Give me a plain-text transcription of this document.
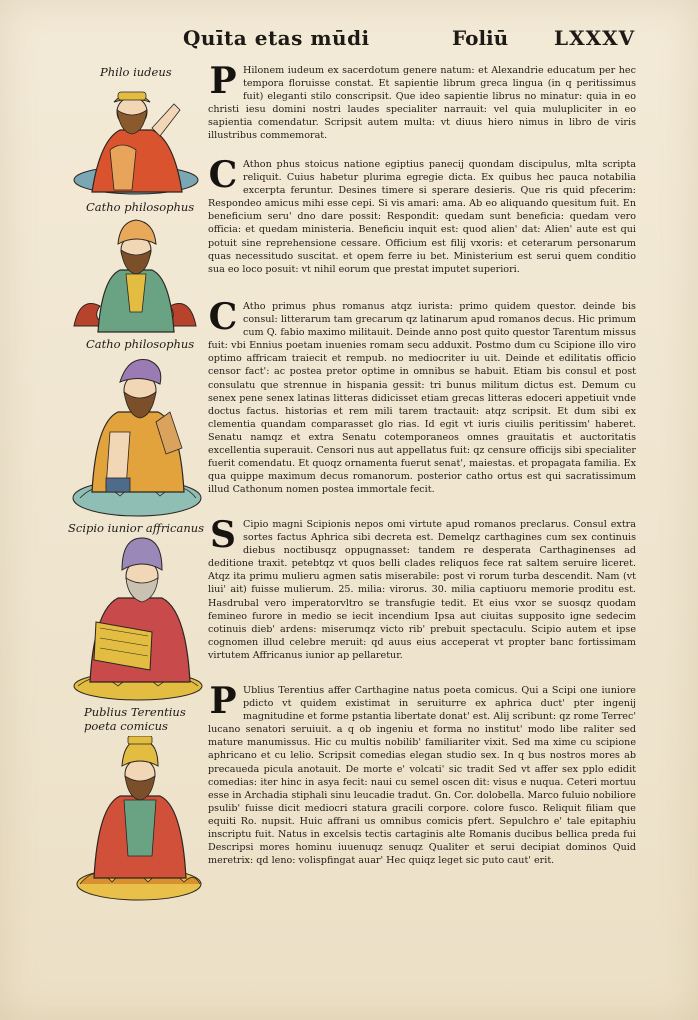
Quīta etas mūdi	Foliū LXXXV
Philo iudeus
Catho philosophus
Catho philosophus
Scipio iunior affricanus
Publius Terentius
poeta comicus
P Hilonem iudeum ex sacerdotum genere natum: et Alexandrie educatum per hec tempora floruisse constat. Et sapientie librum greca lingua (in q peritissimus fuit) eleganti stilo conscripsit. Que ideo sapientie librus no minatur: quia in eo christi iesu domini nostri laudes specialiter narrauit: vel quia mulupliciter in eo sapientia comendatur. Scripsit autem multa: vt diuus hiero nimus in libro de viris illustribus commemorat.
C Athon phus stoicus natione egiptius panecij quondam discipulus, mlta scripta reliquit. Cuius habetur plurima egregie dicta. Ex quibus hec pauca notabilia excerpta feruntur. Desines timere si sperare desieris. Que ris quid pfecerim: Respondeo amicus mihi esse cepi. Si vis amari: ama. Ab eo aliquando quesitum fuit. En beneficium seru' dno dare possit: Respondit: quedam sunt beneficia: quedam vero officia: et quedam ministeria. Beneficiu inquit est: quod alien' dat: Alien' aute est qui potuit sine reprehensione cessare. Officium est filij vxoris: et ceterarum personarum quas necessitudo suscitat. et opem ferre iu bet. Ministerium est serui quem conditio sua eo loco posuit: vt nihil eorum que prestat imputet superiori.
C Atho primus phus romanus atqz iurista: primo quidem questor. deinde bis consul: litterarum tam grecarum qz latinarum apud romanos decus. Hic primum cum Q. fabio maximo militauit. Deinde anno post quito questor Tarentum missus fuit: vbi Ennius poetam inuenies romam secu adduxit. Postmo dum cu Scipione illo viro optimo affricam traiecit et rempub. no mediocriter iu uit. Deinde et edilitatis officio censor fact': ac postea pretor optime in omnibus se habuit. Etiam bis consul et post consulatu que strennue in hispania gessit: tri bunus militum dictus est. Demum cu senex pene senex latinas litteras didicisset etiam grecas litteras edoceri appetiuit vnde doctus factus. historias et rem mili tarem tractauit: atqz scripsit. Et dum sibi ex clementia quandam comparasset glo rias. Id egit vt iuris ciuilis peritissim' haberet. Senatu namqz et extra Senatu cotemporaneos omnes grauitatis et auctoritatis excellentia superauit. Censori nus aut appellatus fuit: qz censure officijs sibi specialiter fuerit comendatu. Et quoqz ornamenta fuerut senat', maiestas. et propagata familia. Ex qua quippe maximum decus romanorum. posterior catho ortus est qui sacratissimum illud Cathonum nomen postea immortale fecit.
S Cipio magni Scipionis nepos omi virtute apud romanos preclarus. Consul extra sortes factus Aphrica sibi decreta est. Demelqz carthagines cum sex continuis diebus noctibusqz oppugnasset: tandem re desperata Carthaginenses ad deditione traxit. petebtqz vt quos belli clades reliquos fece rat saltem seruire liceret. Atqz ita primu mulieru agmen satis miserabile: post vi rorum turba descendit. Nam (vt liui' ait) fuisse mulierum. 25. milia: virorus. 30. milia captiuoru memorie proditu est. Hasdrubal vero imperatorvltro se transfugie tedit. Et eius vxor se suosqz quodam femineo furore in medio se iecit incendium Ipsa aut ciuitas supposito igne sedecim cotinuis dieb' ardens: miserumqz victo rib' prebuit spectaculu. Scipio autem et ipse cognomen illud celebre meruit: qd auus eius acceperat vt propter banc fortissimam virtutem Affricanus iunior ap pellaretur.
P Ublius Terentius affer Carthagine natus poeta comicus. Qui a Scipi one iuniore pdicto vt quidem existimat in seruiturre ex aphrica duct' pter ingenij magnitudine et forme pstantia libertate donat' est. Alij scribunt: qz rome Terrec' lucano senatori seruiuit. a q ob ingeniu et forma no institut' modo libe raliter sed mature manumissus. Hic cu multis nobilib' familiariter vixit. Sed ma xime cu scipione aphricano et cu lelio. Scripsit comedias elegan studio sex. In q bus nostros mores ab precaueda picula anotauit. De morte e' volcati' sic tradit Sed vt affer sex pplo edidit comedias: iter hinc in asya fecit: naui cu semel oscen dit: visus e nuqua. Ceteri mortuu esse in Archadia stiphali sinu leucadie tradut. Gn. Cor. dolobella. Marco fuluio nobiliore psulib' fuisse dicit mediocri statura gracili corpore. colore fusco. Reliquit filiam que equiti Ro. nupsit. Huic affrani us omnibus comicis pfert. Sepulchro e' tale epitaphiu inscriptu fuit. Natus in excelsis tectis cartaginis alte Romanis ducibus bellica preda fui Descripsi mores hominu iuuenuqz senuqz Qualiter et serui decipiat dominos Quid meretrix: qd leno: volispfingat auar' Hec quiqz leget sic puto caut' erit.
